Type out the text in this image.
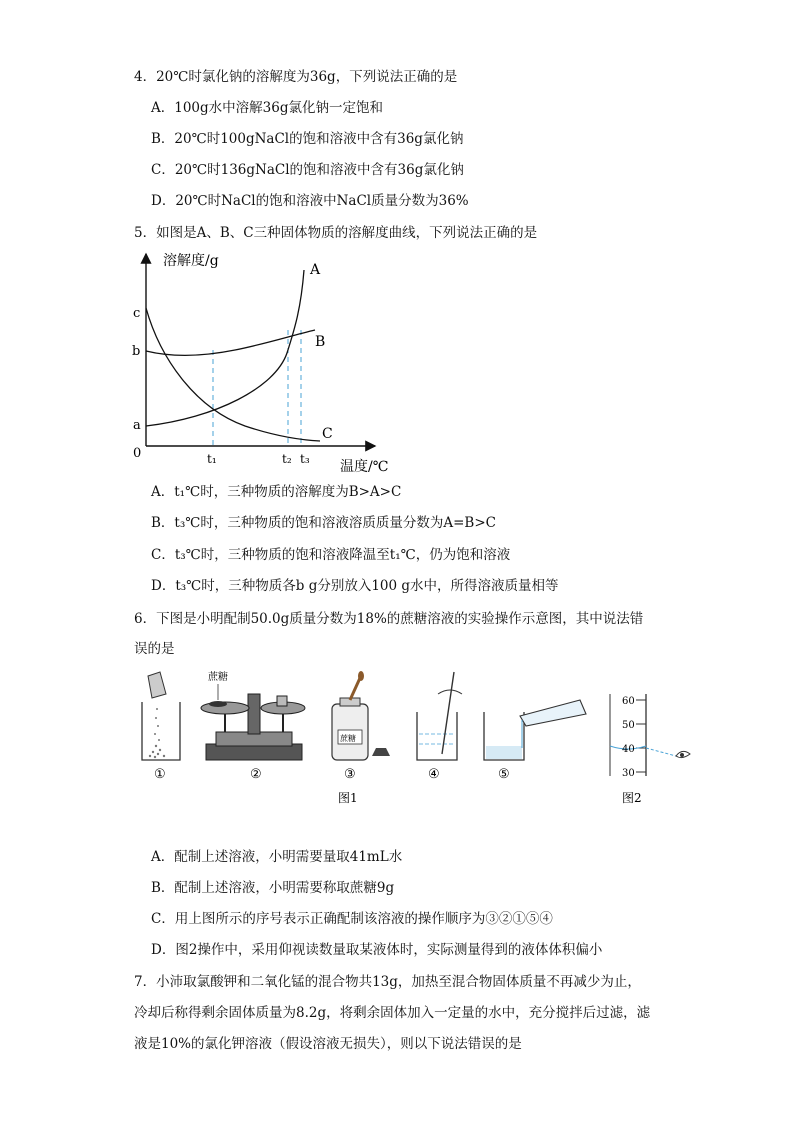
4．20℃时氯化钠的溶解度为36g，下列说法正确的是
A．100g水中溶解36g氯化钠一定饱和
B．20℃时100gNaCl的饱和溶液中含有36g氯化钠
C．20℃时136gNaCl的饱和溶液中含有36g氯化钠
D．20℃时NaCl的饱和溶液中NaCl质量分数为36%
5．如图是A、B、C三种固体物质的溶解度曲线，下列说法正确的是
溶解度/g
温度/℃
0
c
b
a
t₁	t₂ t₃
A
B
C
A．t₁℃时，三种物质的溶解度为B>A>C
B．t₃℃时，三种物质的饱和溶液溶质质量分数为A=B>C
C．t₃℃时，三种物质的饱和溶液降温至t₁℃，仍为饱和溶液
D．t₃℃时，三种物质各b g分别放入100 g水中，所得溶液质量相等
6．下图是小明配制50.0g质量分数为18%的蔗糖溶液的实验操作示意图，其中说法错
误的是
蔗糖
蔗糖
①	②	③	④	⑤
图1
60
50
40
30
图2
A．配制上述溶液，小明需要量取41mL水
B．配制上述溶液，小明需要称取蔗糖9g
C．用上图所示的序号表示正确配制该溶液的操作顺序为③②①⑤④
D．图2操作中，采用仰视读数量取某液体时，实际测量得到的液体体积偏小
7．小沛取氯酸钾和二氧化锰的混合物共13g，加热至混合物固体质量不再减少为止，
冷却后称得剩余固体质量为8.2g，将剩余固体加入一定量的水中，充分搅拌后过滤，滤
液是10%的氯化钾溶液（假设溶液无损失），则以下说法错误的是
